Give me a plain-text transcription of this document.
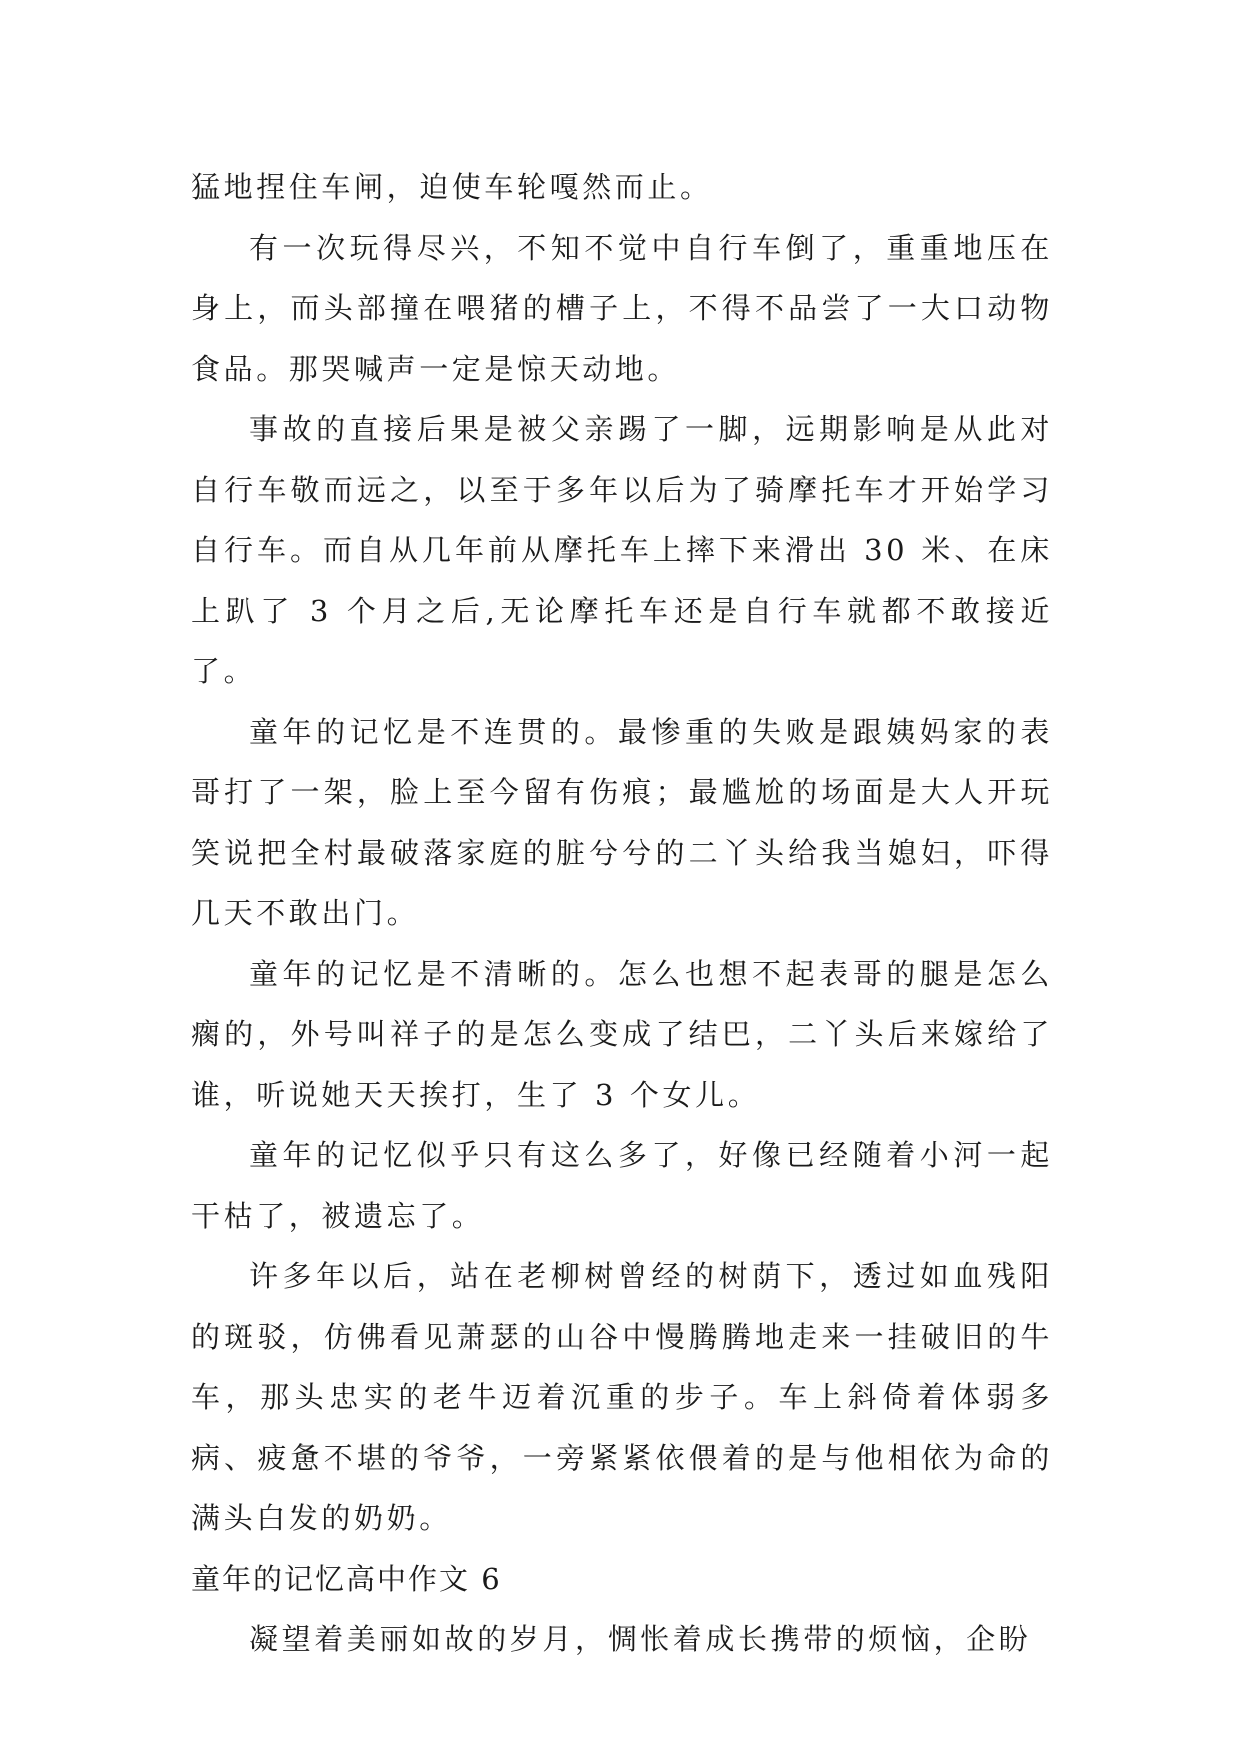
猛地捏住车闸，迫使车轮嘎然而止。

有一次玩得尽兴，不知不觉中自行车倒了，重重地压在身上，而头部撞在喂猪的槽子上，不得不品尝了一大口动物食品。那哭喊声一定是惊天动地。

事故的直接后果是被父亲踢了一脚，远期影响是从此对自行车敬而远之，以至于多年以后为了骑摩托车才开始学习自行车。而自从几年前从摩托车上摔下来滑出 30 米、在床上趴了 3 个月之后,无论摩托车还是自行车就都不敢接近了。

童年的记忆是不连贯的。最惨重的失败是跟姨妈家的表哥打了一架，脸上至今留有伤痕；最尴尬的场面是大人开玩笑说把全村最破落家庭的脏兮兮的二丫头给我当媳妇，吓得几天不敢出门。

童年的记忆是不清晰的。怎么也想不起表哥的腿是怎么瘸的，外号叫祥子的是怎么变成了结巴，二丫头后来嫁给了谁，听说她天天挨打，生了 3 个女儿。

童年的记忆似乎只有这么多了，好像已经随着小河一起干枯了，被遗忘了。

许多年以后，站在老柳树曾经的树荫下，透过如血残阳的斑驳，仿佛看见萧瑟的山谷中慢腾腾地走来一挂破旧的牛车，那头忠实的老牛迈着沉重的步子。车上斜倚着体弱多病、疲惫不堪的爷爷，一旁紧紧依偎着的是与他相依为命的满头白发的奶奶。

童年的记忆高中作文 6

凝望着美丽如故的岁月，惆怅着成长携带的烦恼，企盼
